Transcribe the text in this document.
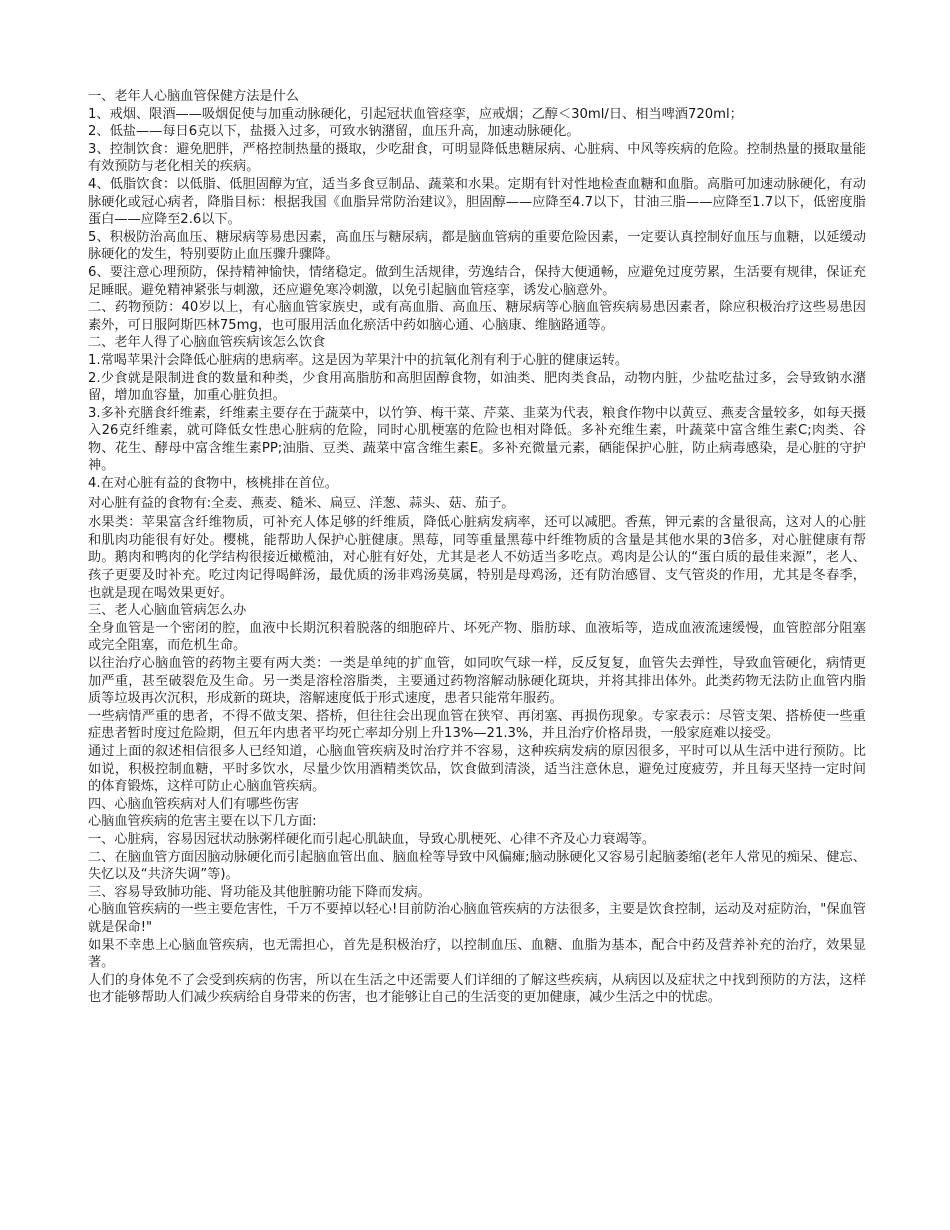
一、老年人心脑血管保健方法是什么

1、戒烟、限酒——吸烟促使与加重动脉硬化，引起冠状血管痉挛，应戒烟；乙醇＜30ml/日、相当啤酒720ml；

2、低盐——每日6克以下，盐摄入过多，可致水钠潴留，血压升高，加速动脉硬化。

3、控制饮食：避免肥胖，严格控制热量的摄取，少吃甜食，可明显降低患糖尿病、心脏病、中风等疾病的危险。控制热量的摄取量能有效预防与老化相关的疾病。

4、低脂饮食：以低脂、低胆固醇为宜，适当多食豆制品、蔬菜和水果。定期有针对性地检查血糖和血脂。高脂可加速动脉硬化，有动脉硬化或冠心病者，降脂目标：根据我国《血脂异常防治建议》，胆固醇——应降至4.7以下，甘油三脂——应降至1.7以下，低密度脂蛋白——应降至2.6以下。

5、积极防治高血压、糖尿病等易患因素，高血压与糖尿病，都是脑血管病的重要危险因素，一定要认真控制好血压与血糖，以延缓动脉硬化的发生，特别要防止血压骤升骤降。

6、要注意心理预防，保持精神愉快，情绪稳定。做到生活规律，劳逸结合，保持大便通畅，应避免过度劳累，生活要有规律，保证充足睡眠。避免精神紧张与刺激，还应避免寒冷刺激，以免引起脑血管痉挛，诱发心脑意外。

二、药物预防：40岁以上，有心脑血管家族史，或有高血脂、高血压、糖尿病等心脑血管疾病易患因素者，除应积极治疗这些易患因素外，可日服阿斯匹林75mg，也可服用活血化瘀活中药如脑心通、心脑康、维脑路通等。

二、老年人得了心脑血管疾病该怎么饮食

1.常喝苹果汁会降低心脏病的患病率。这是因为苹果汁中的抗氧化剂有利于心脏的健康运转。

2.少食就是限制进食的数量和种类，少食用高脂肪和高胆固醇食物，如油类、肥肉类食品，动物内脏，少盐吃盐过多，会导致钠水潴留，增加血容量，加重心脏负担。

3.多补充膳食纤维素，纤维素主要存在于蔬菜中，以竹笋、梅干菜、芹菜、韭菜为代表，粮食作物中以黄豆、燕麦含量较多，如每天摄入26克纤维素，就可降低女性患心脏病的危险，同时心肌梗塞的危险也相对降低。多补充维生素，叶蔬菜中富含维生素C;肉类、谷物、花生、酵母中富含维生素PP;油脂、豆类、蔬菜中富含维生素E。多补充微量元素，硒能保护心脏，防止病毒感染，是心脏的守护神。

4.在对心脏有益的食物中，核桃排在首位。

对心脏有益的食物有:全麦、燕麦、糙米、扁豆、洋葱、蒜头、菇、茄子。

水果类：苹果富含纤维物质，可补充人体足够的纤维质，降低心脏病发病率，还可以减肥。香蕉，钾元素的含量很高，这对人的心脏和肌肉功能很有好处。樱桃，能帮助人保护心脏健康。黑莓，同等重量黑莓中纤维物质的含量是其他水果的3倍多，对心脏健康有帮助。鹅肉和鸭肉的化学结构很接近橄榄油，对心脏有好处，尤其是老人不妨适当多吃点。鸡肉是公认的“蛋白质的最佳来源”，老人、孩子更要及时补充。吃过肉记得喝鲜汤，最优质的汤非鸡汤莫属，特别是母鸡汤，还有防治感冒、支气管炎的作用，尤其是冬春季，也就是现在喝效果更好。

三、老人心脑血管病怎么办

全身血管是一个密闭的腔，血液中长期沉积着脱落的细胞碎片、坏死产物、脂肪球、血液垢等，造成血液流速缓慢，血管腔部分阻塞或完全阻塞，而危机生命。

以往治疗心脑血管的药物主要有两大类：一类是单纯的扩血管，如同吹气球一样，反反复复，血管失去弹性，导致血管硬化，病情更加严重，甚至破裂危及生命。另一类是溶栓溶脂类，主要通过药物溶解动脉硬化斑块，并将其排出体外。此类药物无法防止血管内脂质等垃圾再次沉积，形成新的斑块，溶解速度低于形式速度，患者只能常年服药。

一些病情严重的患者，不得不做支架、搭桥，但往往会出现血管在狭窄、再闭塞、再损伤现象。专家表示：尽管支架、搭桥使一些重症患者暂时度过危险期，但五年内患者平均死亡率却分别上升13%—21.3%，并且治疗价格昂贵，一般家庭难以接受。

通过上面的叙述相信很多人已经知道，心脑血管疾病及时治疗并不容易，这种疾病发病的原因很多，平时可以从生活中进行预防。比如说，积极控制血糖，平时多饮水，尽量少饮用酒精类饮品，饮食做到清淡，适当注意休息，避免过度疲劳，并且每天坚持一定时间的体育锻炼，这样可防止心脑血管疾病。

四、心脑血管疾病对人们有哪些伤害

心脑血管疾病的危害主要在以下几方面:

一、心脏病，容易因冠状动脉粥样硬化而引起心肌缺血，导致心肌梗死、心律不齐及心力衰竭等。

二、在脑血管方面因脑动脉硬化而引起脑血管出血、脑血栓等导致中风偏瘫;脑动脉硬化又容易引起脑萎缩(老年人常见的痴呆、健忘、失忆以及“共济失调”等)。

三、容易导致肺功能、肾功能及其他脏腑功能下降而发病。

心脑血管疾病的一些主要危害性，千万不要掉以轻心!目前防治心脑血管疾病的方法很多，主要是饮食控制，运动及对症防治，"保血管就是保命!"

如果不幸患上心脑血管疾病，也无需担心，首先是积极治疗，以控制血压、血糖、血脂为基本，配合中药及营养补充的治疗，效果显著。

人们的身体免不了会受到疾病的伤害，所以在生活之中还需要人们详细的了解这些疾病，从病因以及症状之中找到预防的方法，这样也才能够帮助人们减少疾病给自身带来的伤害，也才能够让自己的生活变的更加健康，减少生活之中的忧虑。
